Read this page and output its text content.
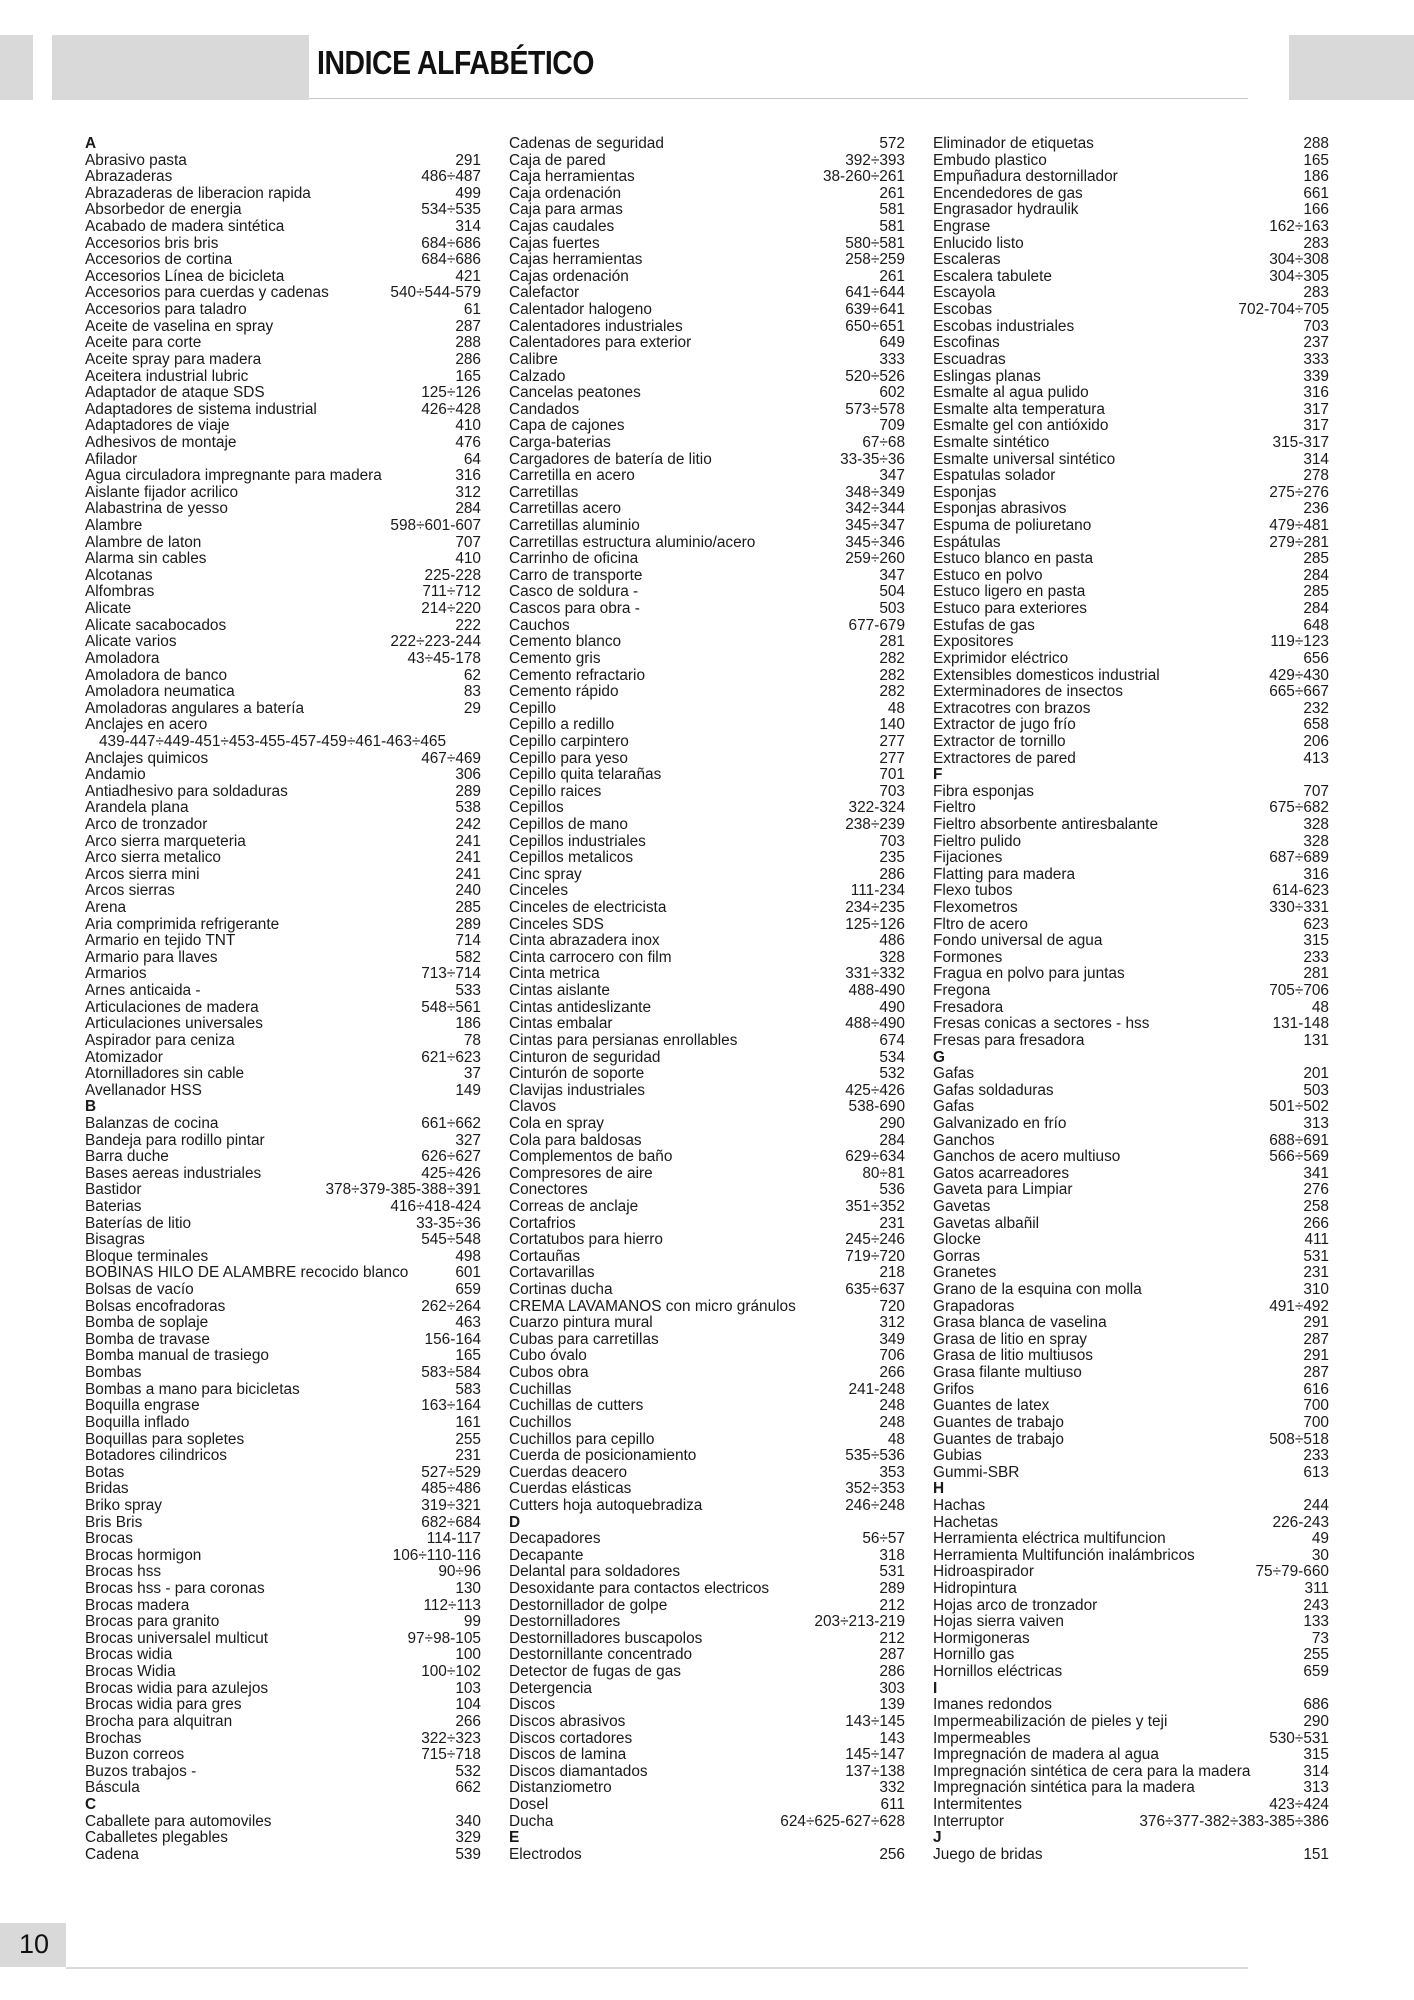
INDICE ALFABÉTICO
A
Abrasivo pasta	291
Abrazaderas	486÷487
Abrazaderas de liberacion rapida	499
Absorbedor de energia	534÷535
Acabado de madera sintética	314
Accesorios bris bris	684÷686
Accesorios de cortina	684÷686
Accesorios Línea de bicicleta	421
Accesorios para cuerdas y cadenas	540÷544-579
Accesorios para taladro	61
Aceite de vaselina en spray	287
Aceite para corte	288
Aceite spray para madera	286
Aceitera industrial lubric	165
Adaptador de ataque SDS	125÷126
Adaptadores de sistema industrial	426÷428
Adaptadores de viaje	410
Adhesivos de montaje	476
Afilador	64
Agua circuladora impregnante para madera	316
Aislante fijador acrilico	312
Alabastrina de yesso	284
Alambre	598÷601-607
Alambre de laton	707
Alarma sin cables	410
Alcotanas	225-228
Alfombras	711÷712
Alicate	214÷220
Alicate sacabocados	222
Alicate varios	222÷223-244
Amoladora	43÷45-178
Amoladora de banco	62
Amoladora neumatica	83
Amoladoras angulares a batería	29
Anclajes en acero
439-447÷449-451÷453-455-457-459÷461-463÷465
Anclajes quimicos	467÷469
Andamio	306
Antiadhesivo para soldaduras	289
Arandela plana	538
Arco de tronzador	242
Arco sierra marqueteria	241
Arco sierra metalico	241
Arcos sierra mini	241
Arcos sierras	240
Arena	285
Aria comprimida refrigerante	289
Armario en tejido TNT	714
Armario para llaves	582
Armarios	713÷714
Arnes anticaida -	533
Articulaciones de madera	548÷561
Articulaciones universales	186
Aspirador para ceniza	78
Atomizador	621÷623
Atornilladores sin cable	37
Avellanador HSS	149
B
Balanzas de cocina	661÷662
Bandeja para rodillo pintar	327
Barra duche	626÷627
Bases aereas industriales	425÷426
Bastidor	378÷379-385-388÷391
Baterias	416÷418-424
Baterías de litio	33-35÷36
Bisagras	545÷548
Bloque terminales	498
BOBINAS HILO DE ALAMBRE recocido blanco	601
Bolsas de vacío	659
Bolsas encofradoras	262÷264
Bomba de soplaje	463
Bomba de travase	156-164
Bomba manual de trasiego	165
Bombas	583÷584
Bombas a mano para bicicletas	583
Boquilla engrase	163÷164
Boquilla inflado	161
Boquillas para sopletes	255
Botadores cilindricos	231
Botas	527÷529
Bridas	485÷486
Briko spray	319÷321
Bris Bris	682÷684
Brocas	114-117
Brocas hormigon	106÷110-116
Brocas hss	90÷96
Brocas hss - para coronas	130
Brocas madera	112÷113
Brocas para granito	99
Brocas universalel multicut	97÷98-105
Brocas widia	100
Brocas Widia	100÷102
Brocas widia para azulejos	103
Brocas widia para gres	104
Brocha para alquitran	266
Brochas	322÷323
Buzon correos	715÷718
Buzos trabajos -	532
Báscula	662
C
Caballete para automoviles	340
Caballetes plegables	329
Cadena	539
Cadenas de seguridad	572
Caja de pared	392÷393
Caja herramientas	38-260÷261
Caja ordenación	261
Caja para armas	581
Cajas caudales	581
Cajas fuertes	580÷581
Cajas herramientas	258÷259
Cajas ordenación	261
Calefactor	641÷644
Calentador halogeno	639÷641
Calentadores industriales	650÷651
Calentadores para exterior	649
Calibre	333
Calzado	520÷526
Cancelas peatones	602
Candados	573÷578
Capa de cajones	709
Carga-baterias	67÷68
Cargadores de batería de litio	33-35÷36
Carretilla en acero	347
Carretillas	348÷349
Carretillas acero	342÷344
Carretillas aluminio	345÷347
Carretillas estructura aluminio/acero	345÷346
Carrinho de oficina	259÷260
Carro de transporte	347
Casco de soldura -	504
Cascos para obra -	503
Cauchos	677-679
Cemento blanco	281
Cemento gris	282
Cemento refractario	282
Cemento rápido	282
Cepillo	48
Cepillo a redillo	140
Cepillo carpintero	277
Cepillo para yeso	277
Cepillo quita telarañas	701
Cepillo raices	703
Cepillos	322-324
Cepillos de mano	238÷239
Cepillos industriales	703
Cepillos metalicos	235
Cinc spray	286
Cinceles	111-234
Cinceles de electricista	234÷235
Cinceles SDS	125÷126
Cinta abrazadera inox	486
Cinta carrocero con film	328
Cinta metrica	331÷332
Cintas aislante	488-490
Cintas antideslizante	490
Cintas embalar	488÷490
Cintas para persianas enrollables	674
Cinturon de seguridad	534
Cinturón de soporte	532
Clavijas industriales	425÷426
Clavos	538-690
Cola en spray	290
Cola para baldosas	284
Complementos de baño	629÷634
Compresores de aire	80÷81
Conectores	536
Correas de anclaje	351÷352
Cortafrios	231
Cortatubos para hierro	245÷246
Cortauñas	719÷720
Cortavarillas	218
Cortinas ducha	635÷637
CREMA LAVAMANOS con micro gránulos	720
Cuarzo pintura mural	312
Cubas para carretillas	349
Cubo óvalo	706
Cubos obra	266
Cuchillas	241-248
Cuchillas de cutters	248
Cuchillos	248
Cuchillos para cepillo	48
Cuerda de posicionamiento	535÷536
Cuerdas deacero	353
Cuerdas elásticas	352÷353
Cutters hoja autoquebradiza	246÷248
D
Decapadores	56÷57
Decapante	318
Delantal para soldadores	531
Desoxidante para contactos electricos	289
Destornillador de golpe	212
Destornilladores	203÷213-219
Destornilladores buscapolos	212
Destornillante concentrado	287
Detector de fugas de gas	286
Detergencia	303
Discos	139
Discos abrasivos	143÷145
Discos cortadores	143
Discos de lamina	145÷147
Discos diamantados	137÷138
Distanziometro	332
Dosel	611
Ducha	624÷625-627÷628
E
Electrodos	256
Eliminador de etiquetas	288
Embudo plastico	165
Empuñadura destornillador	186
Encendedores de gas	661
Engrasador hydraulik	166
Engrase	162÷163
Enlucido listo	283
Escaleras	304÷308
Escalera tabulete	304÷305
Escayola	283
Escobas	702-704÷705
Escobas industriales	703
Escofinas	237
Escuadras	333
Eslingas planas	339
Esmalte al agua pulido	316
Esmalte alta temperatura	317
Esmalte gel con antióxido	317
Esmalte sintético	315-317
Esmalte universal sintético	314
Espatulas solador	278
Esponjas	275÷276
Esponjas abrasivos	236
Espuma de poliuretano	479÷481
Espátulas	279÷281
Estuco blanco en pasta	285
Estuco en polvo	284
Estuco ligero en pasta	285
Estuco para exteriores	284
Estufas de gas	648
Expositores	119÷123
Exprimidor eléctrico	656
Extensibles domesticos industrial	429÷430
Exterminadores de insectos	665÷667
Extracotres con brazos	232
Extractor de jugo frío	658
Extractor de tornillo	206
Extractores de pared	413
F
Fibra esponjas	707
Fieltro	675÷682
Fieltro absorbente antiresbalante	328
Fieltro pulido	328
Fijaciones	687÷689
Flatting para madera	316
Flexo tubos	614-623
Flexometros	330÷331
Fltro de acero	623
Fondo universal de agua	315
Formones	233
Fragua en polvo para juntas	281
Fregona	705÷706
Fresadora	48
Fresas conicas a sectores - hss	131-148
Fresas para fresadora	131
G
Gafas	201
Gafas soldaduras	503
Gafas	501÷502
Galvanizado en frío	313
Ganchos	688÷691
Ganchos de acero multiuso	566÷569
Gatos acarreadores	341
Gaveta para Limpiar	276
Gavetas	258
Gavetas albañil	266
Glocke	411
Gorras	531
Granetes	231
Grano de la esquina con molla	310
Grapadoras	491÷492
Grasa blanca de vaselina	291
Grasa de litio en spray	287
Grasa de litio multiusos	291
Grasa filante multiuso	287
Grifos	616
Guantes de latex	700
Guantes de trabajo	700
Guantes de trabajo	508÷518
Gubias	233
Gummi-SBR	613
H
Hachas	244
Hachetas	226-243
Herramienta eléctrica multifuncion	49
Herramienta Multifunción inalámbricos	30
Hidroaspirador	75÷79-660
Hidropintura	311
Hojas arco de tronzador	243
Hojas sierra vaiven	133
Hormigoneras	73
Hornillo gas	255
Hornillos eléctricas	659
I
Imanes redondos	686
Impermeabilización de pieles y teji	290
Impermeables	530÷531
Impregnación de madera al agua	315
Impregnación sintética de cera para la madera	314
Impregnación sintética para la madera	313
Intermitentes	423÷424
Interruptor	376÷377-382÷383-385÷386
J
Juego de bridas	151
10
